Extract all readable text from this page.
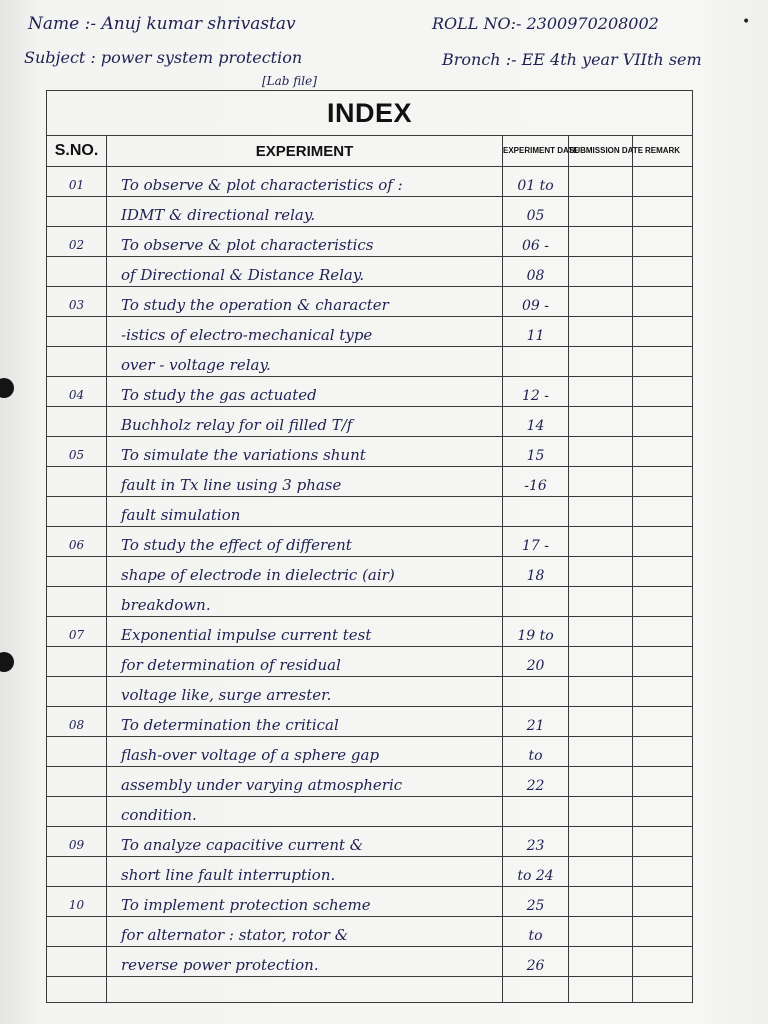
Name :- Anuj kumar shrivastav	ROLL NO:- 2300970208002	•
Subject : power system protection
[Lab file]
Bronch :- EE 4th year VIIth sem
INDEX				
S.NO.	EXPERIMENT	EXPERIMENT DATE	SUBMISSION DATE	REMARK
01	To observe & plot characteristics of :	01 to		
	IDMT & directional relay.	05		
02	To observe & plot characteristics	06 -		
	of Directional & Distance Relay.	08		
03	To study the operation & character	09 -		
	-istics of electro-mechanical type	11		
	over - voltage relay.			
04	To study the gas actuated	12 -		
	Buchholz relay for oil filled T/f	14		
05	To simulate the variations shunt	15		
	fault in Tx line using 3 phase	-16		
	fault simulation			
06	To study the effect of different	17 -		
	shape of electrode in dielectric (air)	18		
	breakdown.			
07	Exponential impulse current test	19 to		
	for determination of residual	20		
	voltage like, surge arrester.			
08	To determination the critical	21		
	flash-over voltage of a sphere gap	to		
	assembly under varying atmospheric	22		
	condition.			
09	To analyze capacitive current &	23		
	short line fault interruption.	to 24		
10	To implement protection scheme	25		
	for alternator : stator, rotor &	to		
	reverse power protection.	26		
